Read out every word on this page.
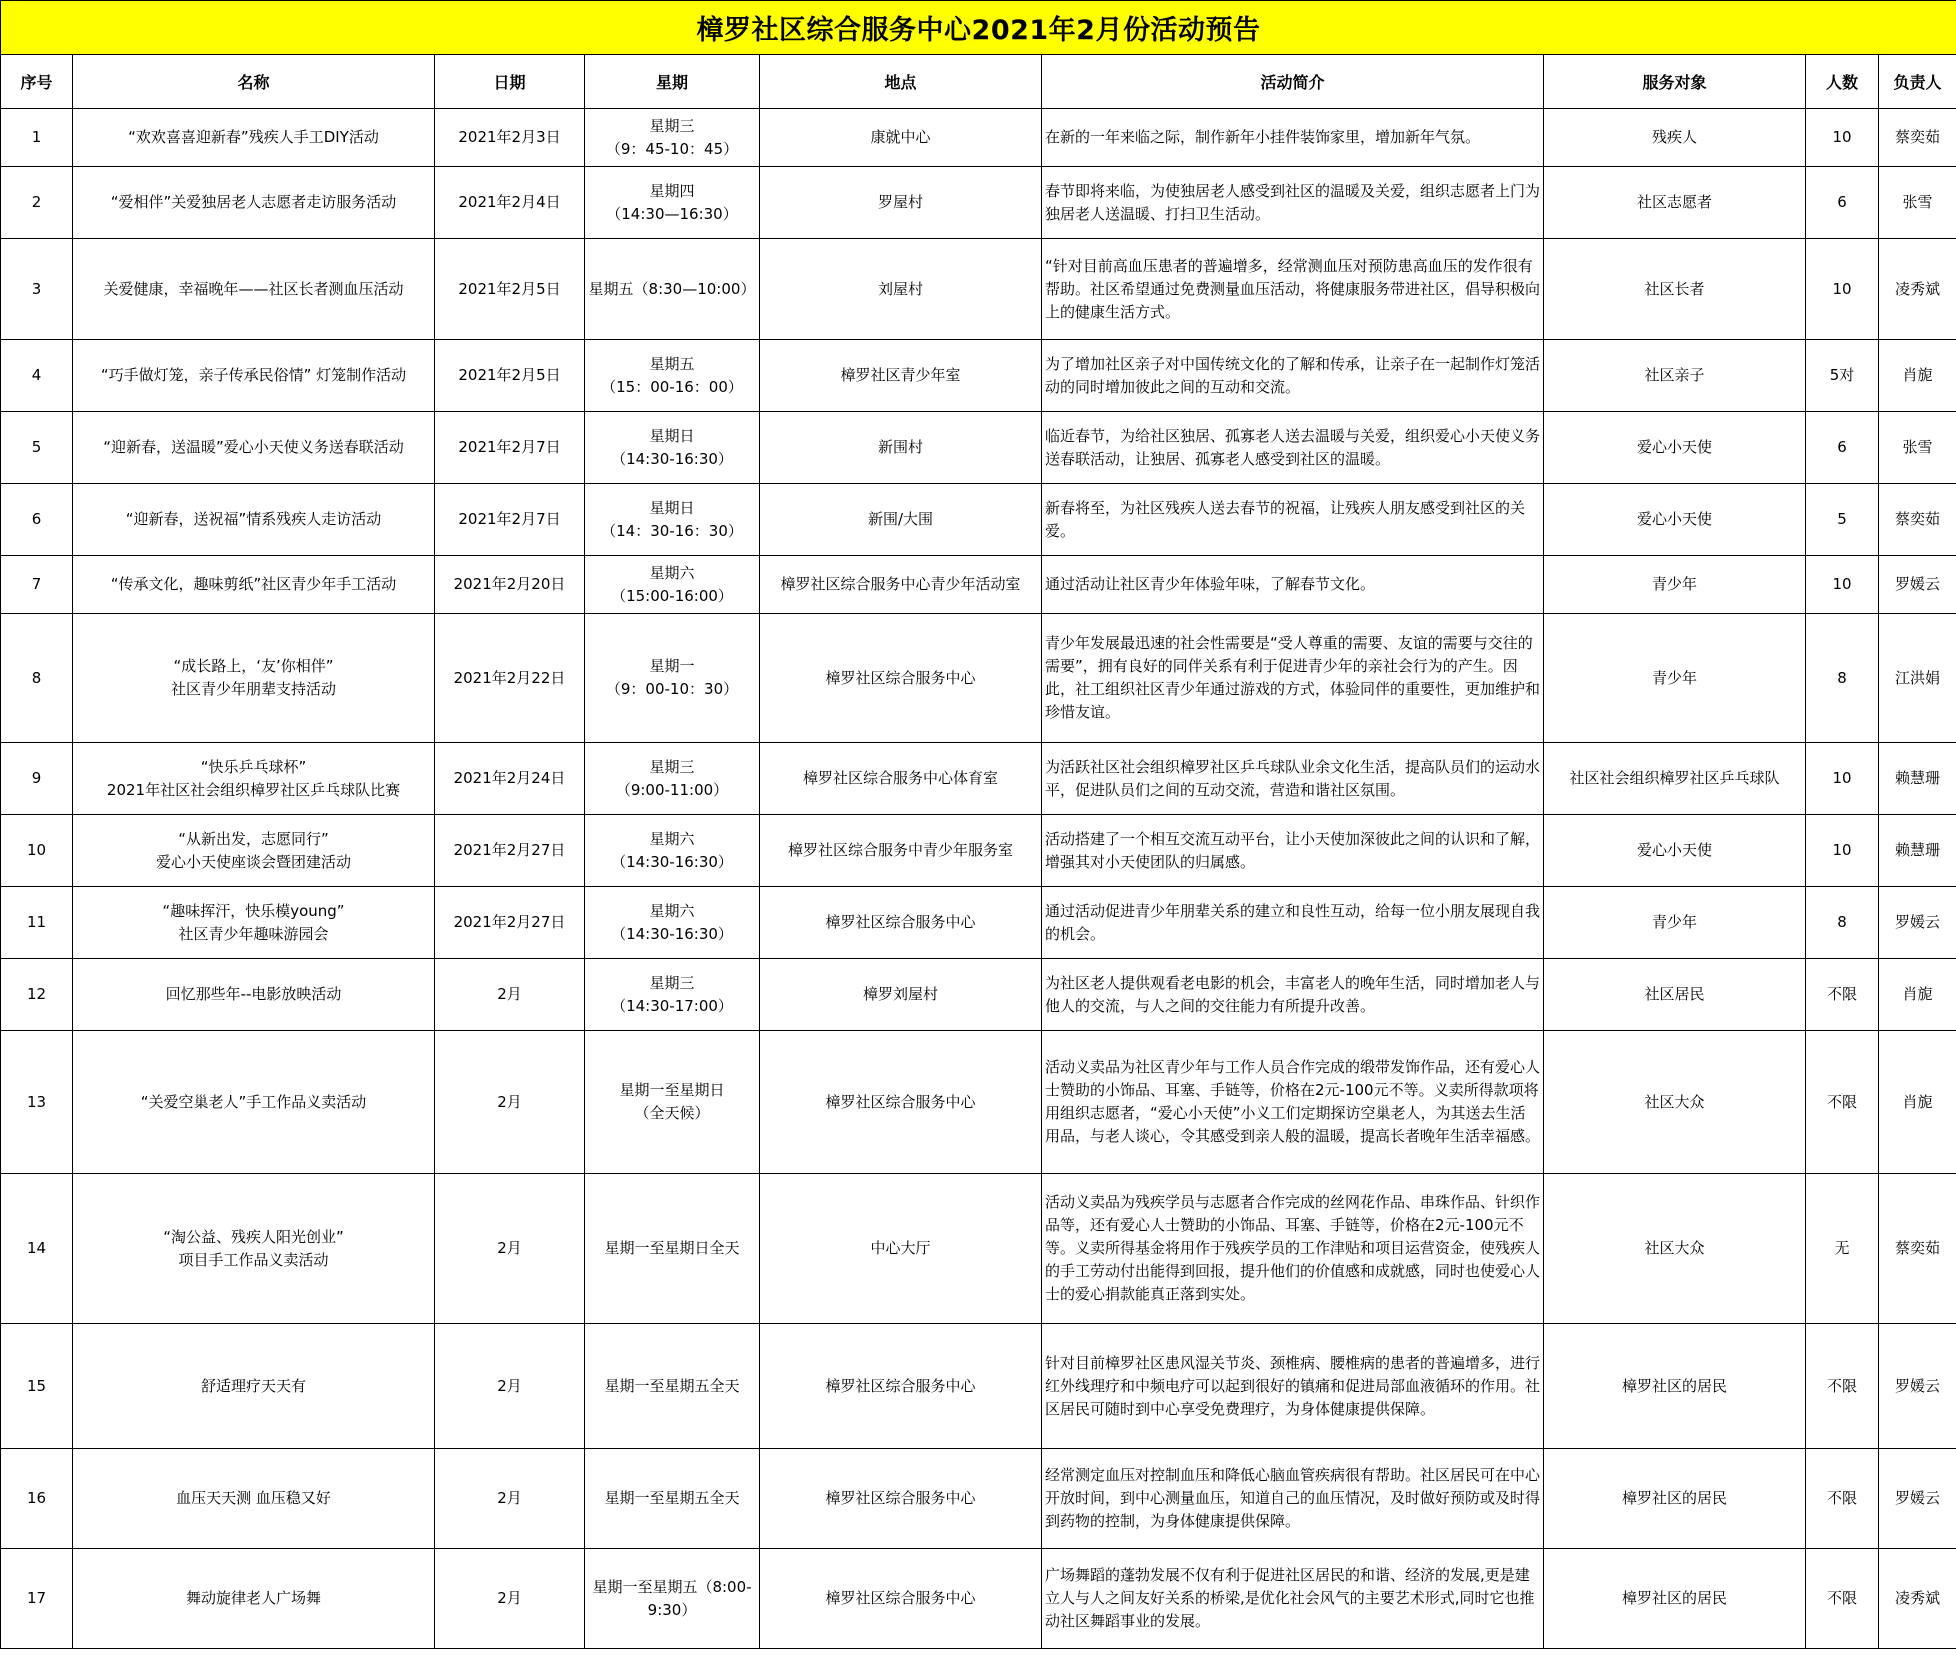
樟罗社区综合服务中心2021年2月份活动预告								
序号	名称	日期	星期	地点	活动简介	服务对象	人数	负责人
1	“欢欢喜喜迎新春”残疾人手工DIY活动	2021年2月3日	星期三
（9：45-10：45）	康就中心	在新的一年来临之际，制作新年小挂件装饰家里，增加新年气氛。	残疾人	10	蔡奕茹
2	“爱相伴”关爱独居老人志愿者走访服务活动	2021年2月4日	星期四
（14:30—16:30）	罗屋村	春节即将来临，为使独居老人感受到社区的温暖及关爱，组织志愿者上门为独居老人送温暖、打扫卫生活动。	社区志愿者	6	张雪
3	关爱健康，幸福晚年——社区长者测血压活动	2021年2月5日	星期五（8:30—10:00）	刘屋村	“针对目前高血压患者的普遍增多，经常测血压对预防患高血压的发作很有帮助。社区希望通过免费测量血压活动，将健康服务带进社区，倡导积极向上的健康生活方式。	社区长者	10	凌秀斌
4	“巧手做灯笼，亲子传承民俗情” 灯笼制作活动	2021年2月5日	星期五
（15：00-16：00）	樟罗社区青少年室	为了增加社区亲子对中国传统文化的了解和传承，让亲子在一起制作灯笼活动的同时增加彼此之间的互动和交流。	社区亲子	5对	肖旎
5	“迎新春，送温暖”爱心小天使义务送春联活动	2021年2月7日	星期日
（14:30-16:30）	新围村	临近春节，为给社区独居、孤寡老人送去温暖与关爱，组织爱心小天使义务送春联活动，让独居、孤寡老人感受到社区的温暖。	爱心小天使	6	张雪
6	“迎新春，送祝福”情系残疾人走访活动	2021年2月7日	星期日
（14：30-16：30）	新围/大围	新春将至，为社区残疾人送去春节的祝福，让残疾人朋友感受到社区的关爱。	爱心小天使	5	蔡奕茹
7	“传承文化，趣味剪纸”社区青少年手工活动	2021年2月20日	星期六
（15:00-16:00）	樟罗社区综合服务中心青少年活动室	通过活动让社区青少年体验年味，了解春节文化。	青少年	10	罗媛云
8	“成长路上，‘友’你相伴”
社区青少年朋辈支持活动	2021年2月22日	星期一
（9：00-10：30）	樟罗社区综合服务中心	青少年发展最迅速的社会性需要是“受人尊重的需要、友谊的需要与交往的需要”，拥有良好的同伴关系有利于促进青少年的亲社会行为的产生。因此，社工组织社区青少年通过游戏的方式，体验同伴的重要性，更加维护和珍惜友谊。	青少年	8	江洪娟
9	“快乐乒乓球杯”
2021年社区社会组织樟罗社区乒乓球队比赛	2021年2月24日	星期三
（9:00-11:00）	樟罗社区综合服务中心体育室	为活跃社区社会组织樟罗社区乒乓球队业余文化生活，提高队员们的运动水平，促进队员们之间的互动交流，营造和谐社区氛围。	社区社会组织樟罗社区乒乓球队	10	赖慧珊
10	“从新出发，志愿同行”
爱心小天使座谈会暨团建活动	2021年2月27日	星期六
（14:30-16:30）	樟罗社区综合服务中青少年服务室	活动搭建了一个相互交流互动平台，让小天使加深彼此之间的认识和了解，增强其对小天使团队的归属感。	爱心小天使	10	赖慧珊
11	“趣味挥汗，快乐模young”
社区青少年趣味游园会	2021年2月27日	星期六
（14:30-16:30）	樟罗社区综合服务中心	通过活动促进青少年朋辈关系的建立和良性互动，给每一位小朋友展现自我的机会。	青少年	8	罗媛云
12	回忆那些年--电影放映活动	2月	星期三
（14:30-17:00）	樟罗刘屋村	为社区老人提供观看老电影的机会，丰富老人的晚年生活，同时增加老人与他人的交流，与人之间的交往能力有所提升改善。	社区居民	不限	肖旎
13	“关爱空巢老人”手工作品义卖活动	2月	星期一至星期日
（全天候）	樟罗社区综合服务中心	活动义卖品为社区青少年与工作人员合作完成的缎带发饰作品，还有爱心人士赞助的小饰品、耳塞、手链等，价格在2元-100元不等。义卖所得款项将用组织志愿者，“爱心小天使”小义工们定期探访空巢老人，为其送去生活用品，与老人谈心，令其感受到亲人般的温暖，提高长者晚年生活幸福感。	社区大众	不限	肖旎
14	“淘公益、残疾人阳光创业”
项目手工作品义卖活动	2月	星期一至星期日全天	中心大厅	活动义卖品为残疾学员与志愿者合作完成的丝网花作品、串珠作品、针织作品等，还有爱心人士赞助的小饰品、耳塞、手链等，价格在2元-100元不等。义卖所得基金将用作于残疾学员的工作津贴和项目运营资金，使残疾人的手工劳动付出能得到回报，提升他们的价值感和成就感，同时也使爱心人士的爱心捐款能真正落到实处。	社区大众	无	蔡奕茹
15	舒适理疗天天有	2月	星期一至星期五全天	樟罗社区综合服务中心	针对目前樟罗社区患风湿关节炎、颈椎病、腰椎病的患者的普遍增多，进行红外线理疗和中频电疗可以起到很好的镇痛和促进局部血液循环的作用。社区居民可随时到中心享受免费理疗，为身体健康提供保障。	樟罗社区的居民	不限	罗媛云
16	血压天天测 血压稳又好	2月	星期一至星期五全天	樟罗社区综合服务中心	经常测定血压对控制血压和降低心脑血管疾病很有帮助。社区居民可在中心开放时间，到中心测量血压，知道自己的血压情况，及时做好预防或及时得到药物的控制，为身体健康提供保障。	樟罗社区的居民	不限	罗媛云
17	舞动旋律老人广场舞	2月	星期一至星期五（8:00-9:30）	樟罗社区综合服务中心	广场舞蹈的蓬勃发展不仅有利于促进社区居民的和谐、经济的发展,更是建立人与人之间友好关系的桥梁,是优化社会风气的主要艺术形式,同时它也推动社区舞蹈事业的发展。	樟罗社区的居民	不限	凌秀斌
